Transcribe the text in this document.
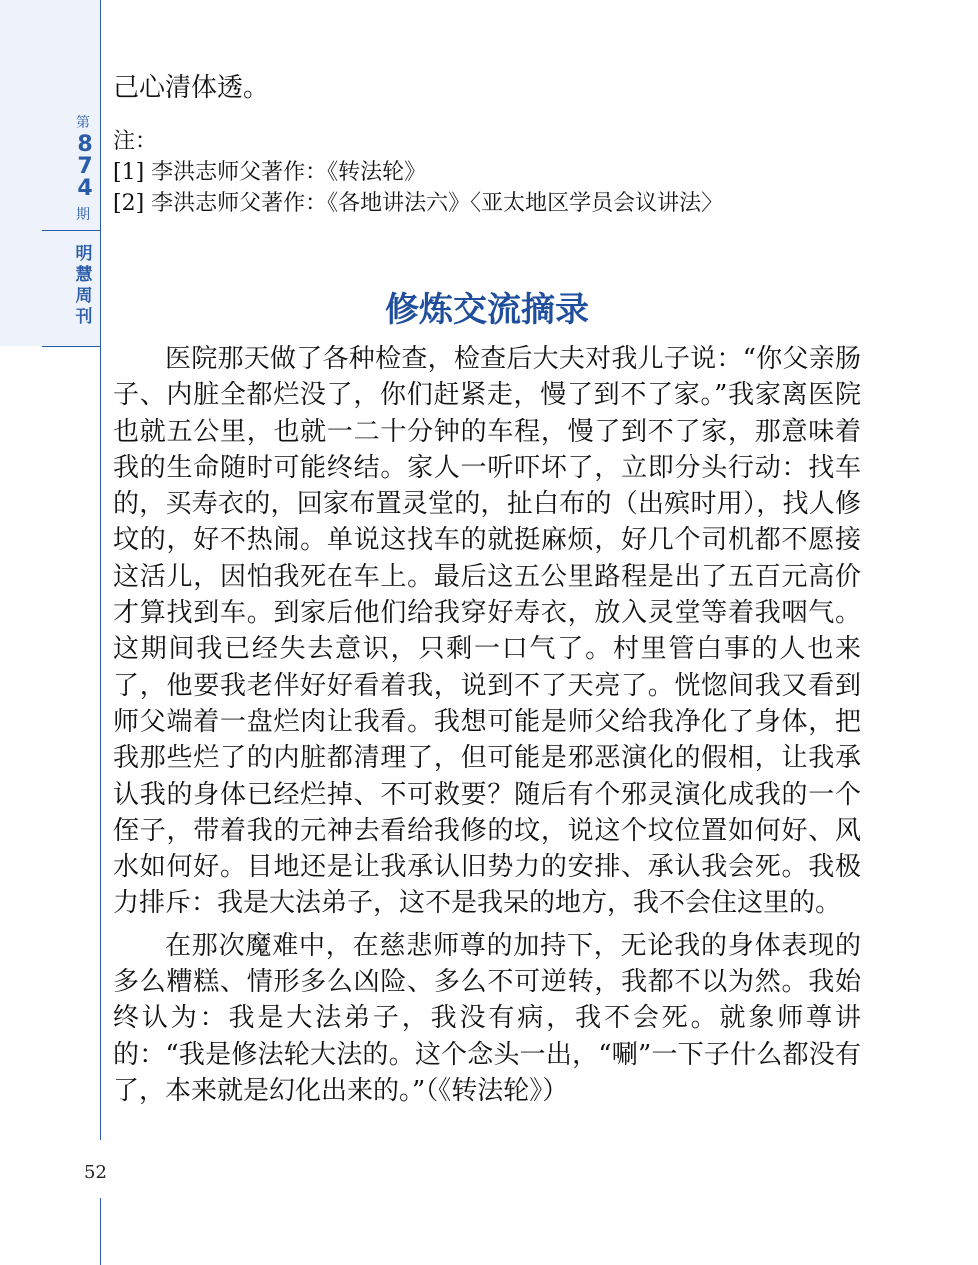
第
874
期
明慧周刊
52

己心清体透。

注：
[1] 李洪志师父著作：《转法轮》
[2] 李洪志师父著作：《各地讲法六》〈亚太地区学员会议讲法〉
修炼交流摘录

医院那天做了各种检查，检查后大夫对我儿子说：“你父亲肠子、内脏全都烂没了，你们赶紧走，慢了到不了家。”我家离医院也就五公里，也就一二十分钟的车程，慢了到不了家，那意味着我的生命随时可能终结。家人一听吓坏了，立即分头行动：找车的，买寿衣的，回家布置灵堂的，扯白布的（出殡时用），找人修坟的，好不热闹。单说这找车的就挺麻烦，好几个司机都不愿接这活儿，因怕我死在车上。最后这五公里路程是出了五百元高价才算找到车。到家后他们给我穿好寿衣，放入灵堂等着我咽气。这期间我已经失去意识，只剩一口气了。村里管白事的人也来了，他要我老伴好好看着我，说到不了天亮了。恍惚间我又看到师父端着一盘烂肉让我看。我想可能是师父给我净化了身体，把我那些烂了的内脏都清理了，但可能是邪恶演化的假相，让我承认我的身体已经烂掉、不可救要？随后有个邪灵演化成我的一个侄子，带着我的元神去看给我修的坟，说这个坟位置如何好、风水如何好。目地还是让我承认旧势力的安排、承认我会死。我极力排斥：我是大法弟子，这不是我呆的地方，我不会住这里的。

在那次魔难中，在慈悲师尊的加持下，无论我的身体表现的多么糟糕、情形多么凶险、多么不可逆转，我都不以为然。我始终认为：我是大法弟子，我没有病，我不会死。就象师尊讲的：“我是修法轮大法的。这个念头一出，“唰”一下子什么都没有了，本来就是幻化出来的。”（《转法轮》）
